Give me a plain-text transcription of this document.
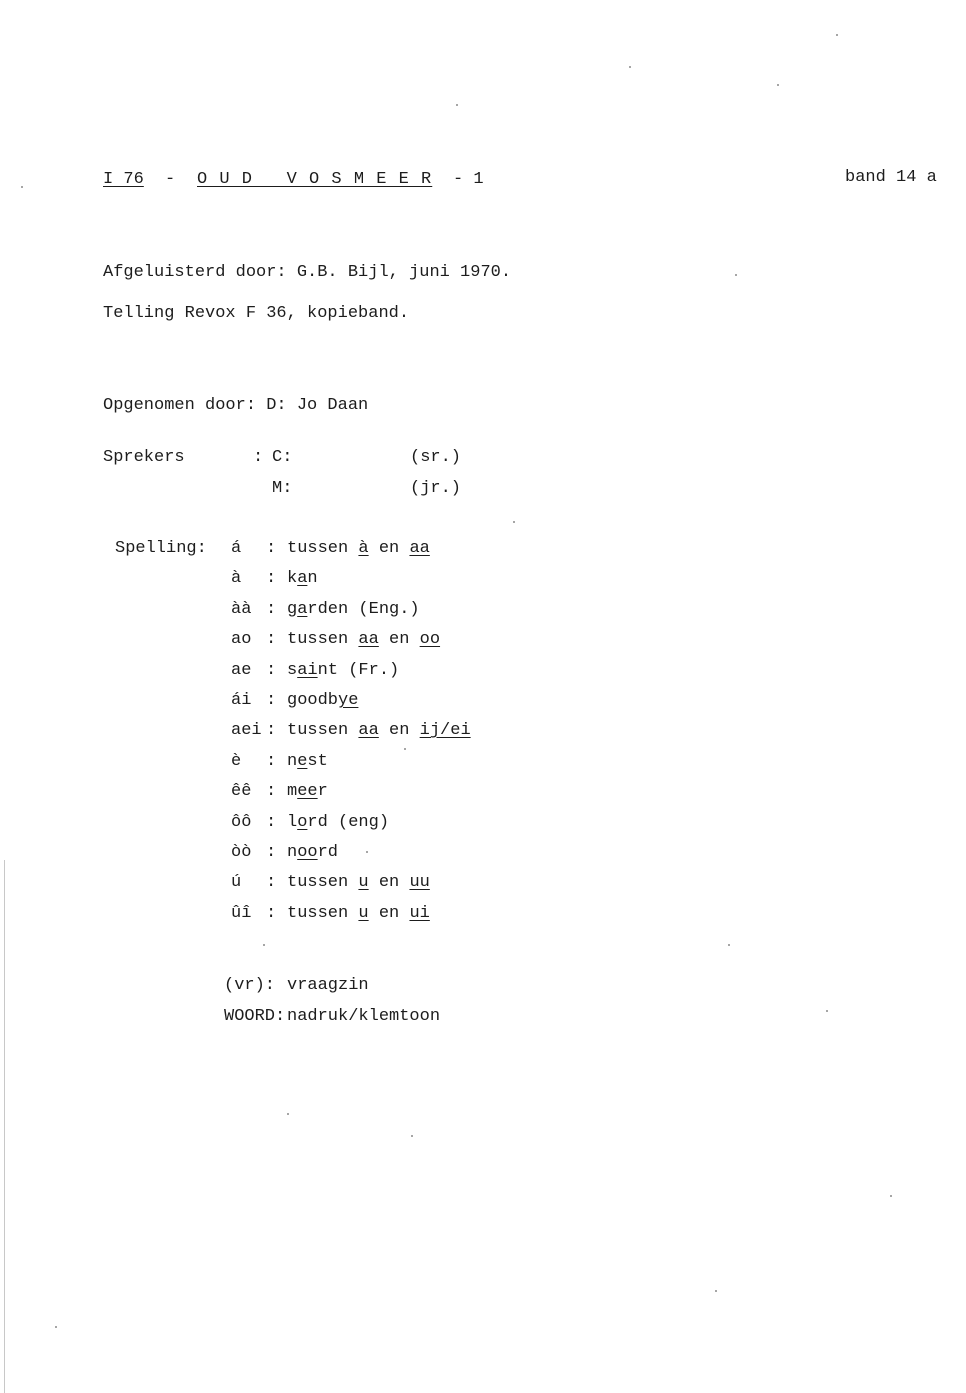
I 76 - O U D   V O S M E E R - 1	band 14 a
Afgeluisterd door: G.B. Bijl, juni 1970.
Telling Revox F 36, kopieband.
Opgenomen door: D: Jo Daan
Sprekers	: C:	(sr.)
M:	(jr.)
Spelling: á : tussen à en aa
à : kan
àà : garden (Eng.)
ao : tussen aa en oo
ae : saint (Fr.)
ái : goodbye
aei : tussen aa en ij/ei
è : nest
êê : meer
ôô : lord (eng)
òò : noord
ú : tussen u en uu
ûî : tussen u en ui
(vr): vraagzin
WOORD: nadruk/klemtoon
